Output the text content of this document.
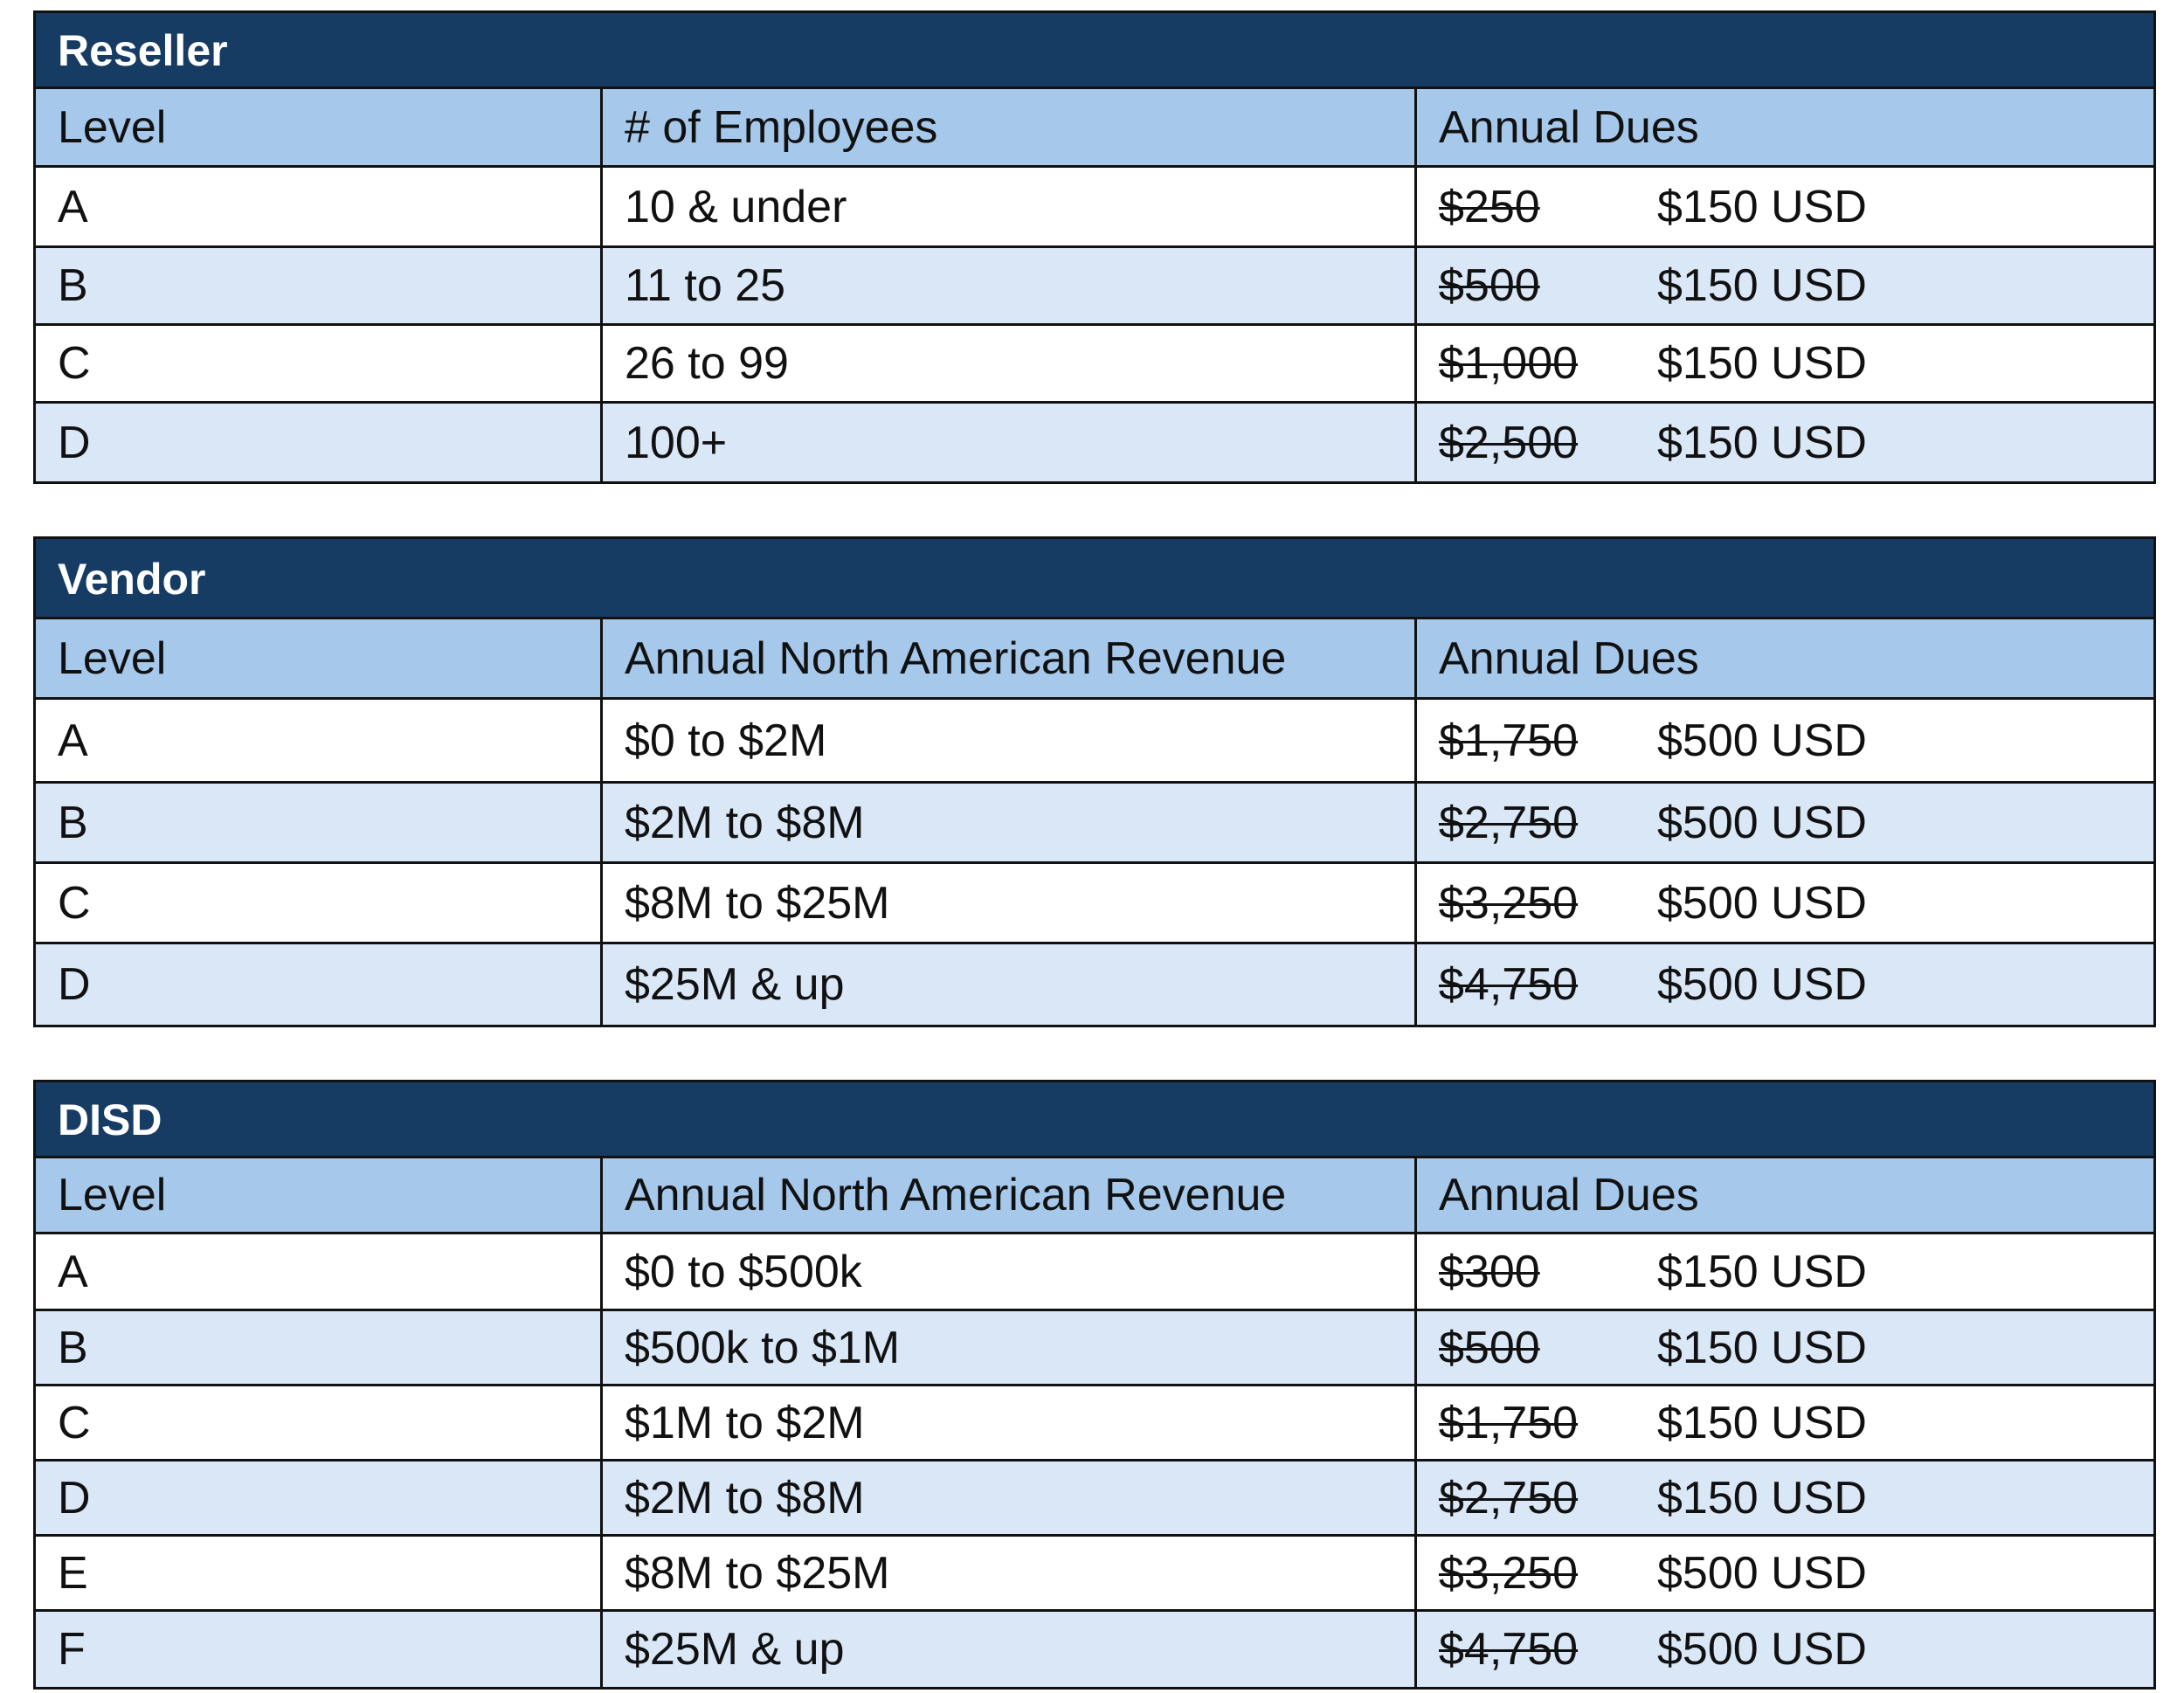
Reseller
Level	# of Employees	Annual Dues
A	10 & under	$250	$150 USD
B	11 to 25	$500	$150 USD
C	26 to 99	$1,000	$150 USD
D	100+	$2,500	$150 USD
Vendor
Level	Annual North American Revenue	Annual Dues
A	$0 to $2M	$1,750	$500 USD
B	$2M to $8M	$2,750	$500 USD
C	$8M to $25M	$3,250	$500 USD
D	$25M & up	$4,750	$500 USD
DISD
Level	Annual North American Revenue	Annual Dues
A	$0 to $500k	$300	$150 USD
B	$500k to $1M	$500	$150 USD
C	$1M to $2M	$1,750	$150 USD
D	$2M to $8M	$2,750	$150 USD
E	$8M to $25M	$3,250	$500 USD
F	$25M & up	$4,750	$500 USD
